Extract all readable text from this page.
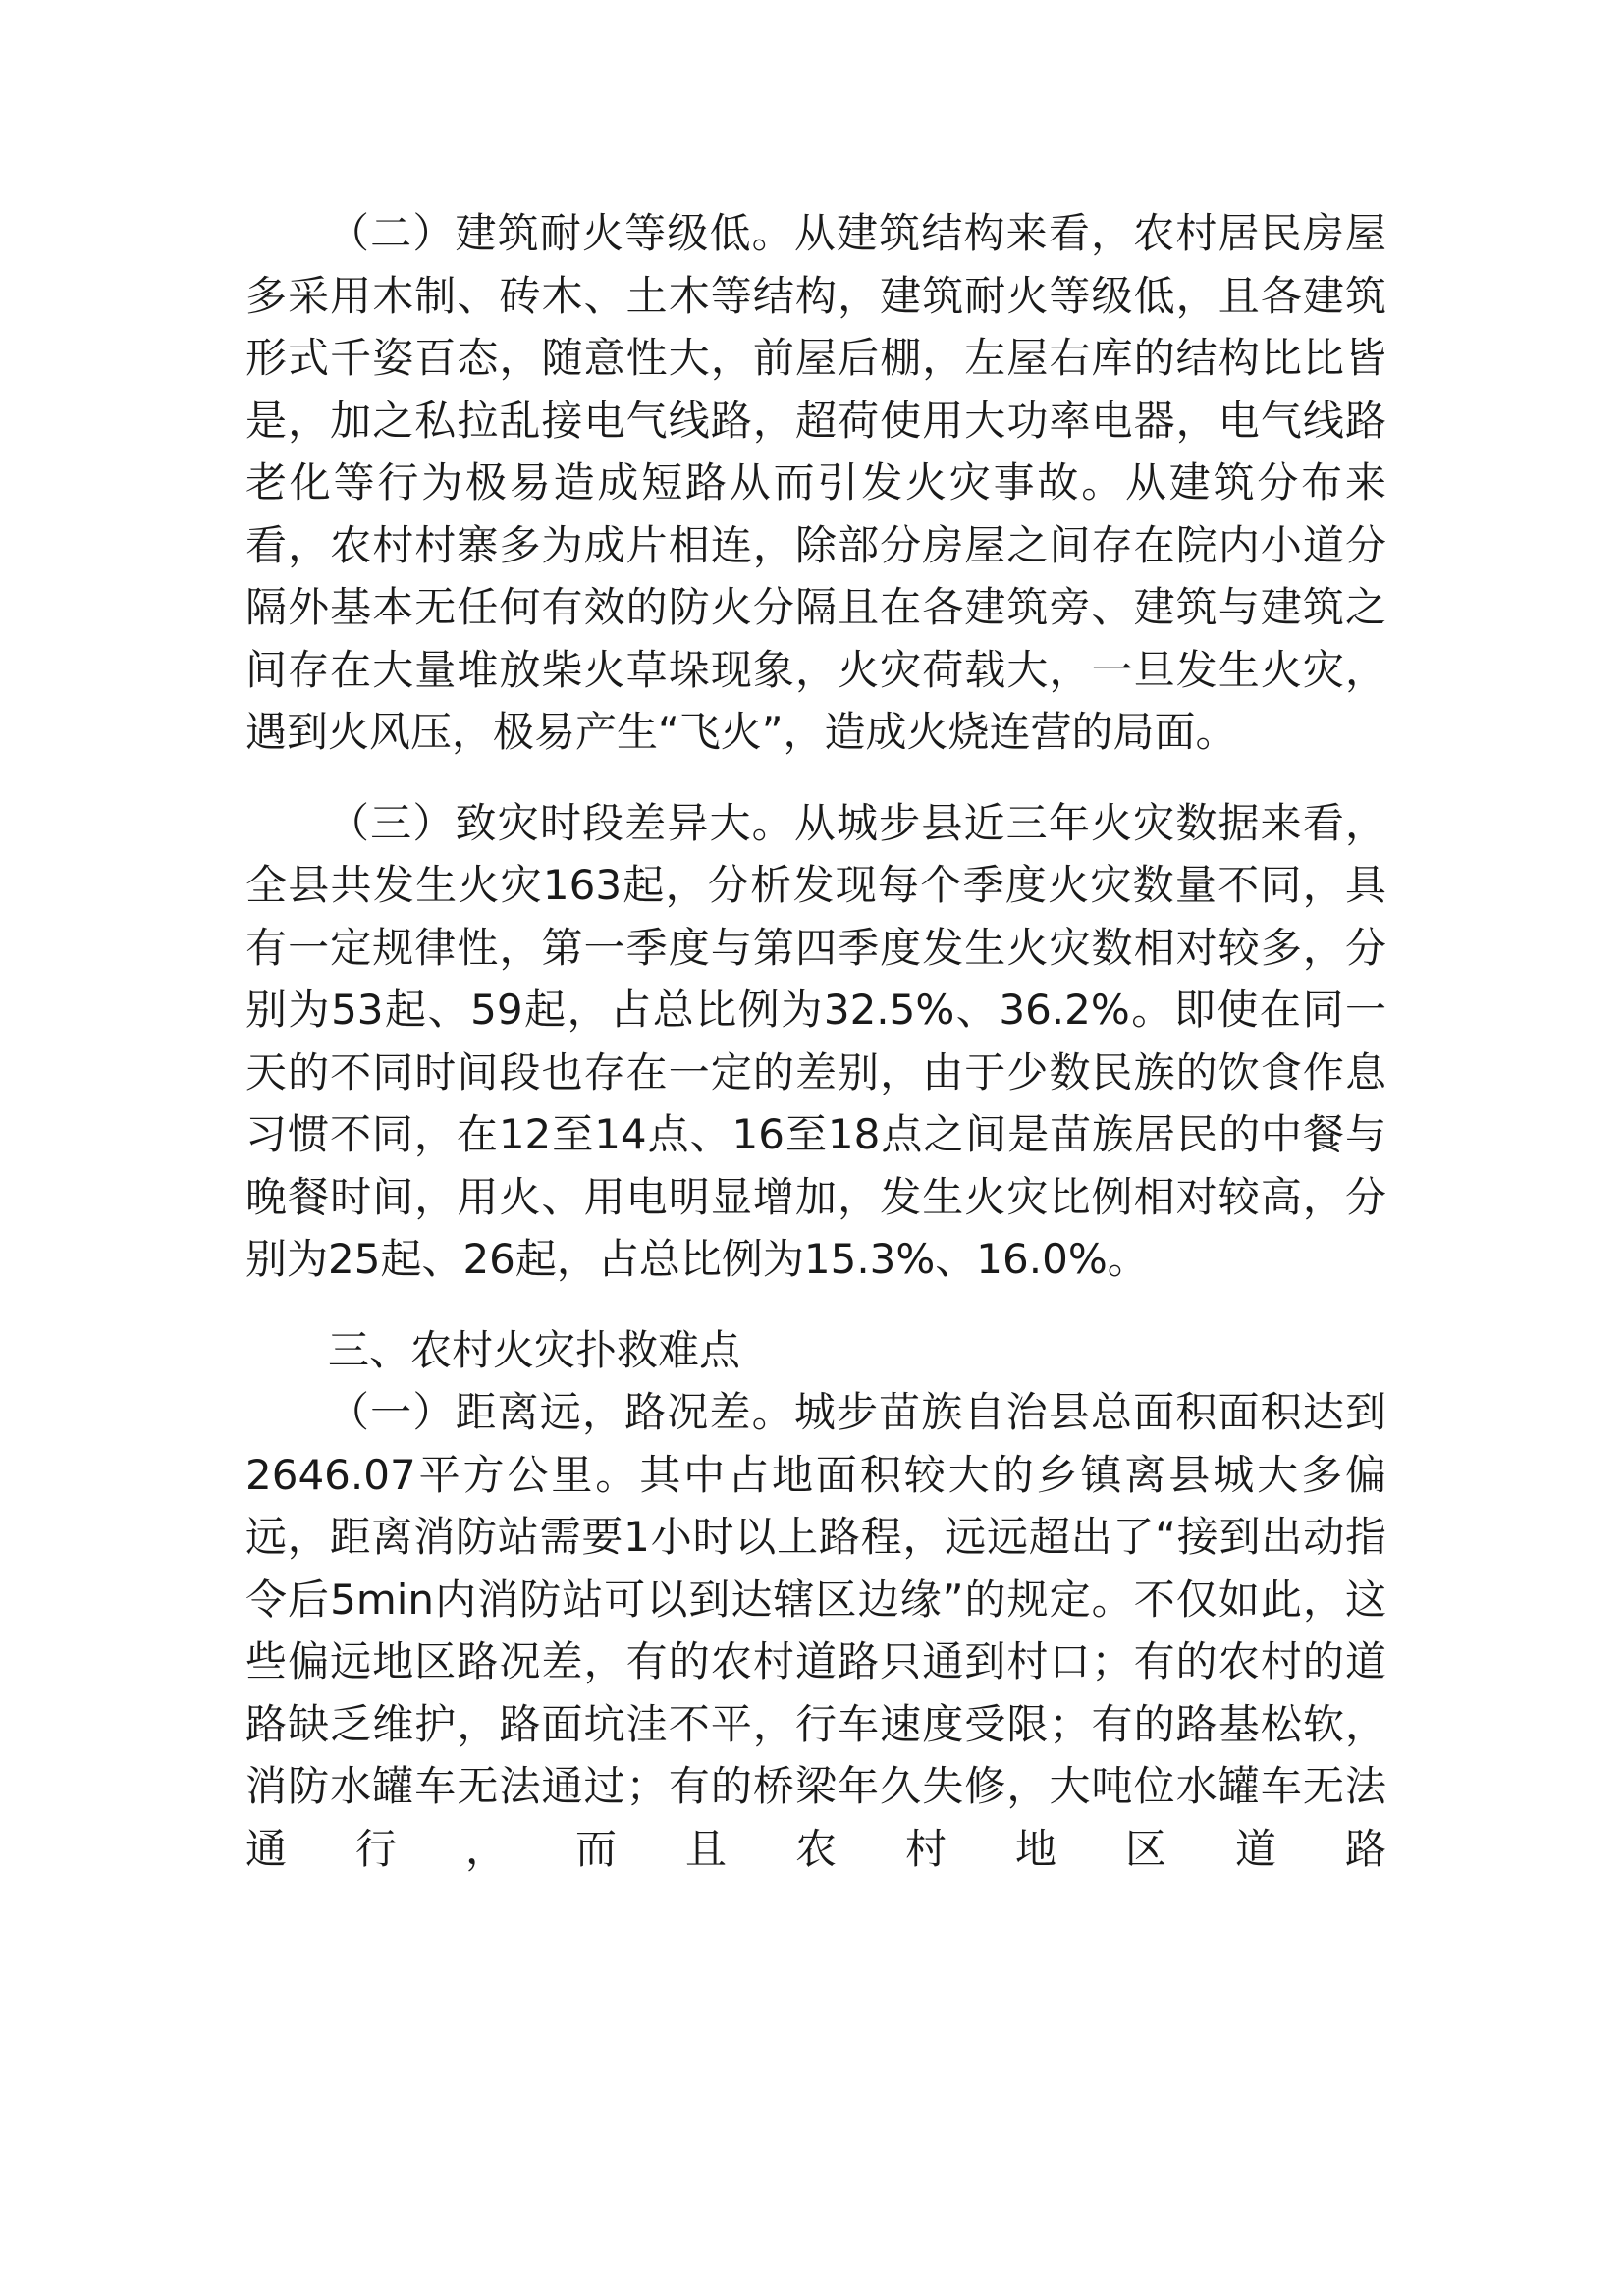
（二）建筑耐火等级低。从建筑结构来看，农村居民房屋多采用木制、砖木、土木等结构，建筑耐火等级低，且各建筑形式千姿百态，随意性大，前屋后棚，左屋右库的结构比比皆是，加之私拉乱接电气线路，超荷使用大功率电器，电气线路老化等行为极易造成短路从而引发火灾事故。从建筑分布来看，农村村寨多为成片相连，除部分房屋之间存在院内小道分隔外基本无任何有效的防火分隔且在各建筑旁、建筑与建筑之间存在大量堆放柴火草垛现象，火灾荷载大，一旦发生火灾，遇到火风压，极易产生“飞火”，造成火烧连营的局面。

（三）致灾时段差异大。从城步县近三年火灾数据来看，全县共发生火灾163起，分析发现每个季度火灾数量不同，具有一定规律性，第一季度与第四季度发生火灾数相对较多，分别为53起、59起，占总比例为32.5%、36.2%。即使在同一天的不同时间段也存在一定的差别，由于少数民族的饮食作息习惯不同，在12至14点、16至18点之间是苗族居民的中餐与晚餐时间，用火、用电明显增加，发生火灾比例相对较高，分别为25起、26起，占总比例为15.3%、16.0%。

三、农村火灾扑救难点

（一）距离远，路况差。城步苗族自治县总面积面积达到2646.07平方公里。其中占地面积较大的乡镇离县城大多偏远，距离消防站需要1小时以上路程，远远超出了“接到出动指令后5min内消防站可以到达辖区边缘”的规定。不仅如此，这些偏远地区路况差，有的农村道路只通到村口；有的农村的道路缺乏维护，路面坑洼不平，行车速度受限；有的路基松软，消防水罐车无法通过；有的桥梁年久失修，大吨位水罐车无法通行，而且农村地区道路
